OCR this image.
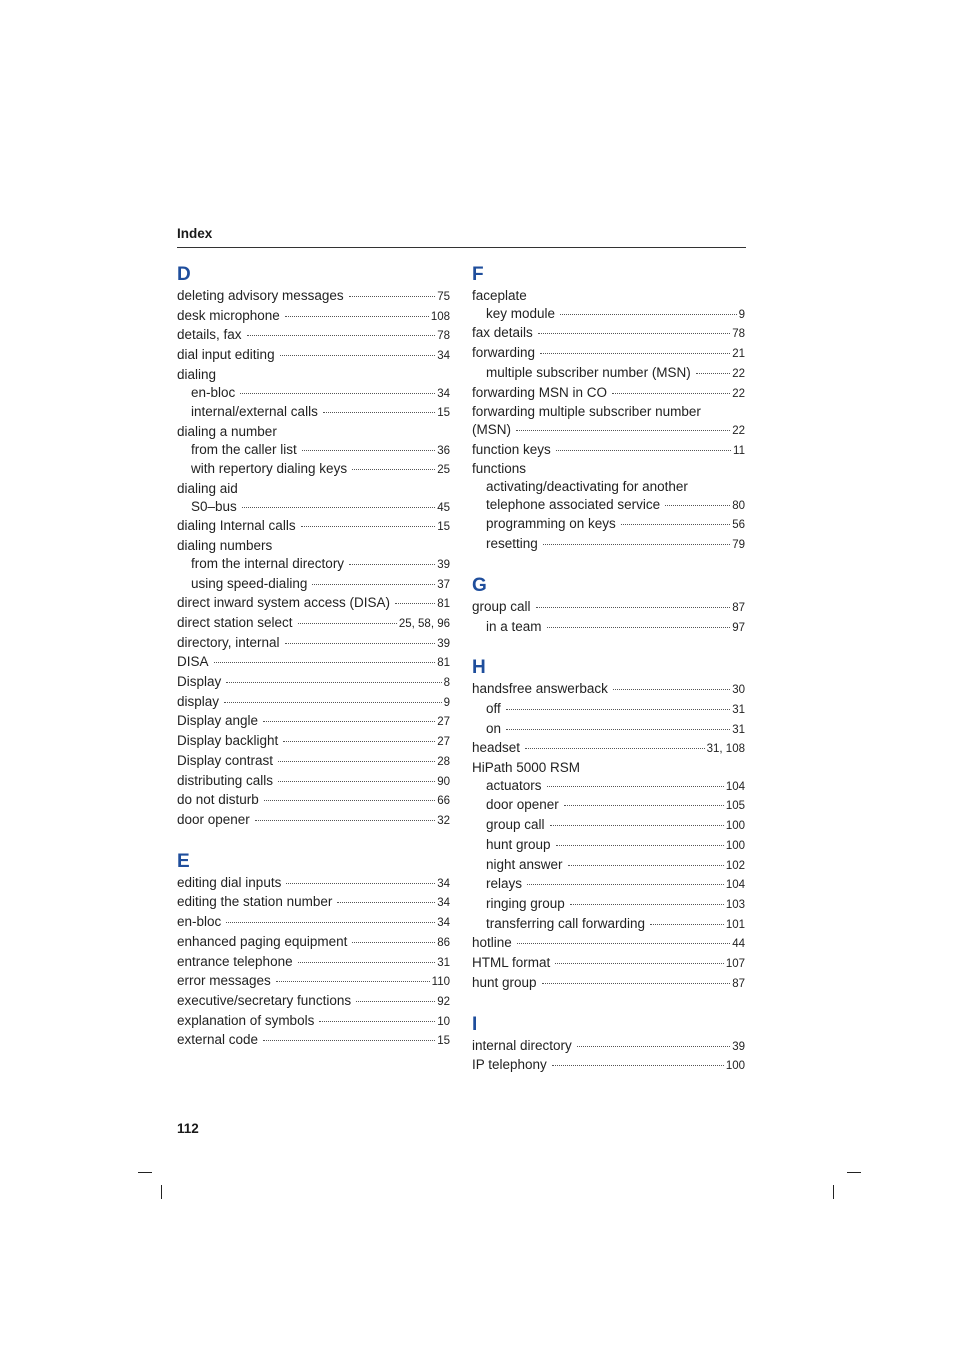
Index
D
deleting advisory messages	75
desk microphone	108
details, fax	78
dial input editing	34
dialing
en-bloc	34
internal/external calls	15
dialing a number
from the caller list	36
with repertory dialing keys	25
dialing aid
S0–bus	45
dialing Internal calls	15
dialing numbers
from the internal directory	39
using speed-dialing	37
direct inward system access (DISA)	81
direct station select	25, 58, 96
directory, internal	39
DISA	81
Display	8
display	9
Display angle	27
Display backlight	27
Display contrast	28
distributing calls	90
do not disturb	66
door opener	32
E
editing dial inputs	34
editing the station number	34
en-bloc	34
enhanced paging equipment	86
entrance telephone	31
error messages	110
executive/secretary functions	92
explanation of symbols	10
external code	15
F
faceplate
key module	9
fax details	78
forwarding	21
multiple subscriber number (MSN)	22
forwarding MSN in CO	22
forwarding multiple subscriber number
(MSN)	22
function keys	11
functions
activating/deactivating for another
telephone associated service	80
programming on keys	56
resetting	79
G
group call	87
in a team	97
H
handsfree answerback	30
off	31
on	31
headset	31, 108
HiPath 5000 RSM
actuators	104
door opener	105
group call	100
hunt group	100
night answer	102
relays	104
ringing group	103
transferring call forwarding	101
hotline	44
HTML format	107
hunt group	87
I
internal directory	39
IP telephony	100
112
